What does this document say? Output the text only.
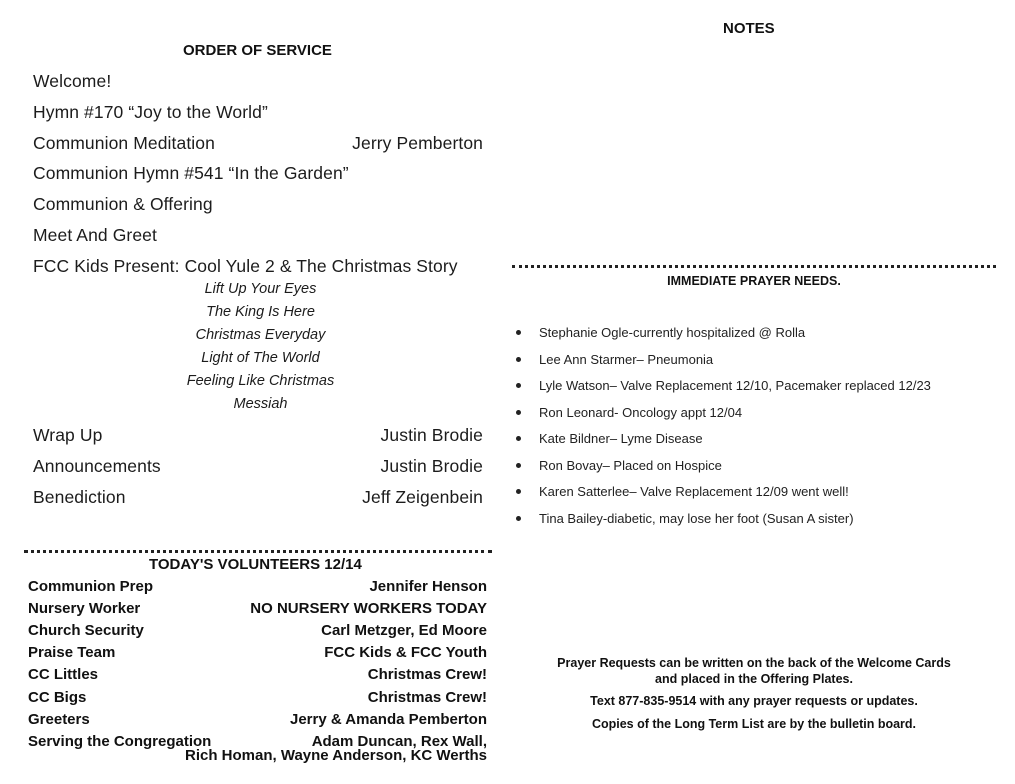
ORDER OF SERVICE
Welcome!
Hymn #170 “Joy to the World”
Communion Meditation	Jerry Pemberton
Communion Hymn #541 “In the Garden”
Communion & Offering
Meet And Greet
FCC Kids Present: Cool Yule 2 & The Christmas Story
Lift Up Your Eyes
The King Is Here
Christmas Everyday
Light of The World
Feeling Like Christmas
Messiah
Wrap Up	Justin Brodie
Announcements	Justin Brodie
Benediction	Jeff Zeigenbein
TODAY'S VOLUNTEERS 12/14
Communion Prep	Jennifer Henson
Nursery Worker	NO NURSERY WORKERS TODAY
Church Security	Carl Metzger, Ed Moore
Praise Team	FCC Kids & FCC Youth
CC Littles	Christmas Crew!
CC Bigs	Christmas Crew!
Greeters	Jerry & Amanda Pemberton
Serving the Congregation	Adam Duncan, Rex Wall,
Rich Homan, Wayne Anderson, KC Werths
NOTES
IMMEDIATE PRAYER NEEDS.
Stephanie Ogle-currently hospitalized @ Rolla
Lee Ann Starmer– Pneumonia
Lyle Watson– Valve Replacement 12/10, Pacemaker replaced 12/23
Ron Leonard- Oncology appt 12/04
Kate Bildner– Lyme Disease
Ron Bovay– Placed on Hospice
Karen Satterlee– Valve Replacement 12/09 went well!
Tina Bailey-diabetic, may lose her foot (Susan A sister)
Prayer Requests can be written on the back of the Welcome Cards
and placed in the Offering Plates.
Text 877-835-9514 with any prayer requests or updates.
Copies of the Long Term List are by the bulletin board.
